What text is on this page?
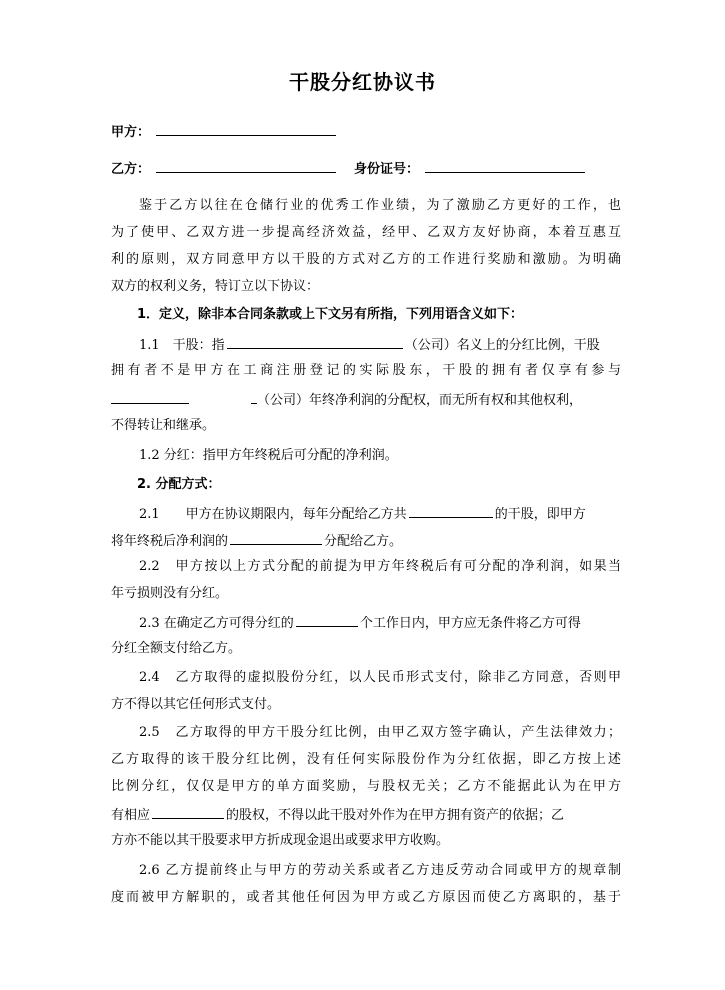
干股分红协议书
甲方：
乙方：	身份证号：
鉴于乙方以往在仓储行业的优秀工作业绩，为了激励乙方更好的工作，也
为了使甲、乙双方进一步提高经济效益，经甲、乙双方友好协商，本着互惠互
利的原则，双方同意甲方以干股的方式对乙方的工作进行奖励和激励。为明确
双方的权利义务，特订立以下协议：
1．定义，除非本合同条款或上下文另有所指，下列用语含义如下：
1.1　干股：指	（公司）名义上的分红比例，干股
拥有者不是甲方在工商注册登记的实际股东，干股的拥有者仅享有参与
（公司）年终净利润的分配权，而无所有权和其他权利，
不得转让和继承。
1.2 分红：指甲方年终税后可分配的净利润。
2. 分配方式：
2.1　　甲方在协议期限内，每年分配给乙方共	的干股，即甲方
将年终税后净利润的	分配给乙方。
2.2　甲方按以上方式分配的前提为甲方年终税后有可分配的净利润，如果当
年亏损则没有分红。
2.3 在确定乙方可得分红的	个工作日内，甲方应无条件将乙方可得
分红全额支付给乙方。
2.4　乙方取得的虚拟股份分红，以人民币形式支付，除非乙方同意，否则甲
方不得以其它任何形式支付。
2.5　乙方取得的甲方干股分红比例，由甲乙双方签字确认，产生法律效力；
乙方取得的该干股分红比例，没有任何实际股份作为分红依据，即乙方按上述
比例分红，仅仅是甲方的单方面奖励，与股权无关；乙方不能据此认为在甲方
有相应	的股权，不得以此干股对外作为在甲方拥有资产的依据；乙
方亦不能以其干股要求甲方折成现金退出或要求甲方收购。
2.6 乙方提前终止与甲方的劳动关系或者乙方违反劳动合同或甲方的规章制
度而被甲方解职的，或者其他任何因为甲方或乙方原因而使乙方离职的，基于
